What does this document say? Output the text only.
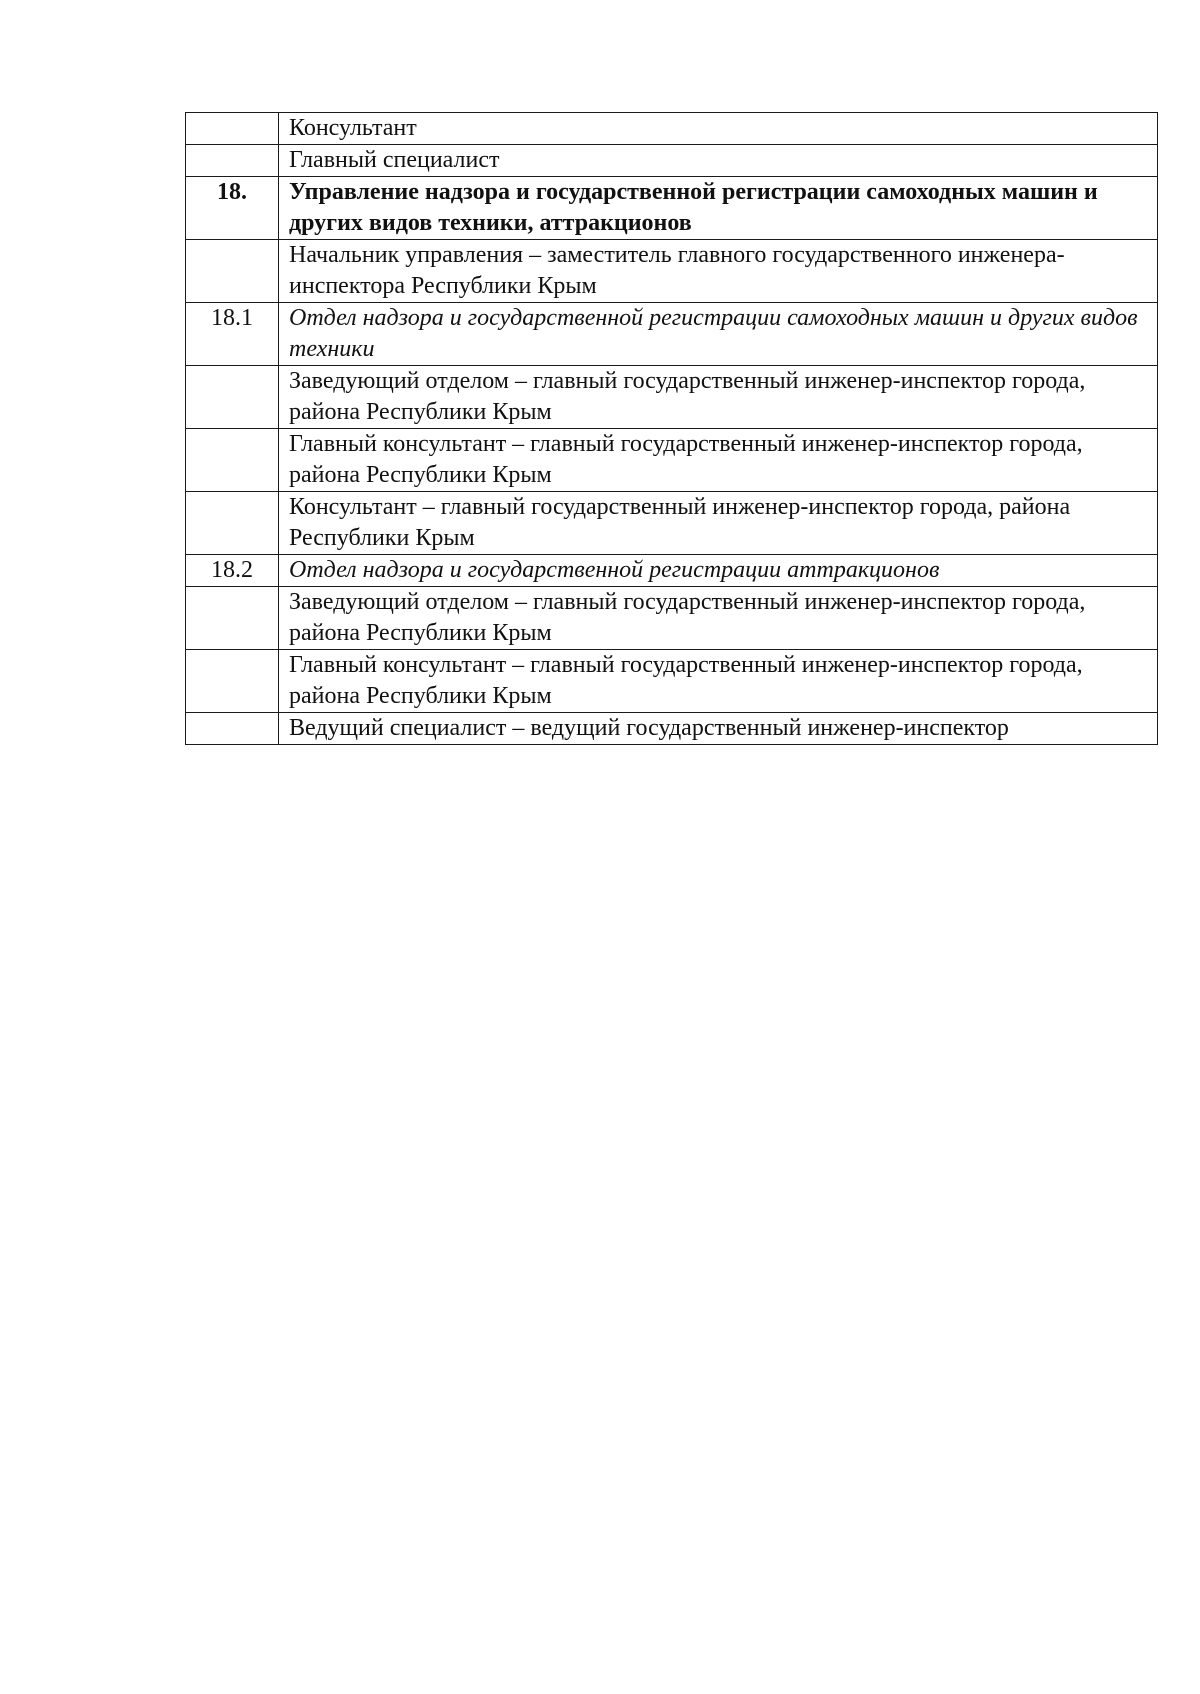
	Консультант
	Главный специалист
18.	Управление надзора и государственной регистрации самоходных машин и других видов техники, аттракционов
	Начальник управления – заместитель главного государственного инженера-инспектора Республики Крым
18.1	Отдел надзора и государственной регистрации самоходных машин и других видов техники
	Заведующий отделом – главный государственный инженер-инспектор города, района Республики Крым
	Главный консультант – главный государственный инженер-инспектор города, района Республики Крым
	Консультант – главный государственный инженер-инспектор города, района Республики Крым
18.2	Отдел надзора и государственной регистрации аттракционов
	Заведующий отделом – главный государственный инженер-инспектор города, района Республики Крым
	Главный консультант – главный государственный инженер-инспектор города, района Республики Крым
	Ведущий специалист – ведущий государственный инженер-инспектор
